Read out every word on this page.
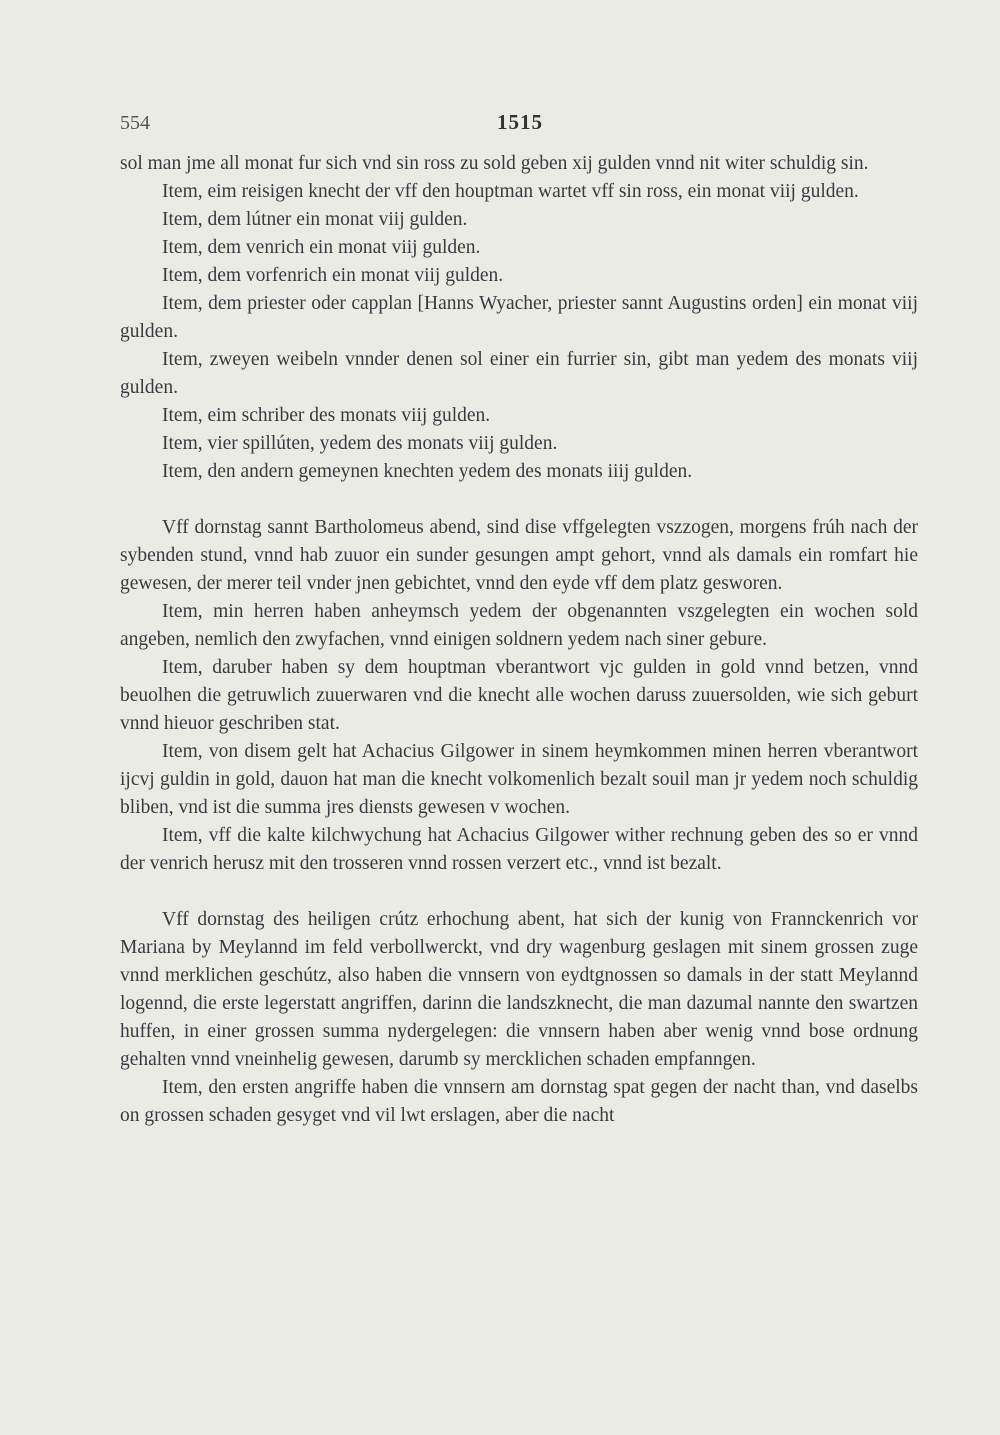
554	1515

sol man jme all monat fur sich vnd sin ross zu sold geben xij gulden vnnd nit witer schuldig sin.

Item, eim reisigen knecht der vff den houptman wartet vff sin ross, ein monat viij gulden.

Item, dem lútner ein monat viij gulden.

Item, dem venrich ein monat viij gulden.

Item, dem vorfenrich ein monat viij gulden.

Item, dem priester oder capplan [Hanns Wyacher, priester sannt Augustins orden] ein monat viij gulden.

Item, zweyen weibeln vnnder denen sol einer ein furrier sin, gibt man yedem des monats viij gulden.

Item, eim schriber des monats viij gulden.

Item, vier spillúten, yedem des monats viij gulden.

Item, den andern gemeynen knechten yedem des monats iiij gulden.

Vff dornstag sannt Bartholomeus abend, sind dise vffgelegten vszzogen, morgens frúh nach der sybenden stund, vnnd hab zuuor ein sunder gesungen ampt gehort, vnnd als damals ein romfart hie gewesen, der merer teil vnder jnen gebichtet, vnnd den eyde vff dem platz gesworen.

Item, min herren haben anheymsch yedem der obgenannten vszgelegten ein wochen sold angeben, nemlich den zwyfachen, vnnd einigen soldnern yedem nach siner gebure.

Item, daruber haben sy dem houptman vberantwort vjc gulden in gold vnnd betzen, vnnd beuolhen die getruwlich zuuerwaren vnd die knecht alle wochen daruss zuuersolden, wie sich geburt vnnd hieuor geschriben stat.

Item, von disem gelt hat Achacius Gilgower in sinem heymkommen minen herren vberantwort ijcvj guldin in gold, dauon hat man die knecht volkomenlich bezalt souil man jr yedem noch schuldig bliben, vnd ist die summa jres diensts gewesen v wochen.

Item, vff die kalte kilchwychung hat Achacius Gilgower wither rechnung geben des so er vnnd der venrich herusz mit den trosseren vnnd rossen verzert etc., vnnd ist bezalt.

Vff dornstag des heiligen crútz erhochung abent, hat sich der kunig von Frannckenrich vor Mariana by Meylannd im feld verbollwerckt, vnd dry wagenburg geslagen mit sinem grossen zuge vnnd merklichen geschútz, also haben die vnnsern von eydtgnossen so damals in der statt Meylannd logennd, die erste legerstatt angriffen, darinn die landszknecht, die man dazumal nannte den swartzen huffen, in einer grossen summa nydergelegen: die vnnsern haben aber wenig vnnd bose ordnung gehalten vnnd vneinhelig gewesen, darumb sy mercklichen schaden empfanngen.

Item, den ersten angriffe haben die vnnsern am dornstag spat gegen der nacht than, vnd daselbs on grossen schaden gesyget vnd vil lwt erslagen, aber die nacht
